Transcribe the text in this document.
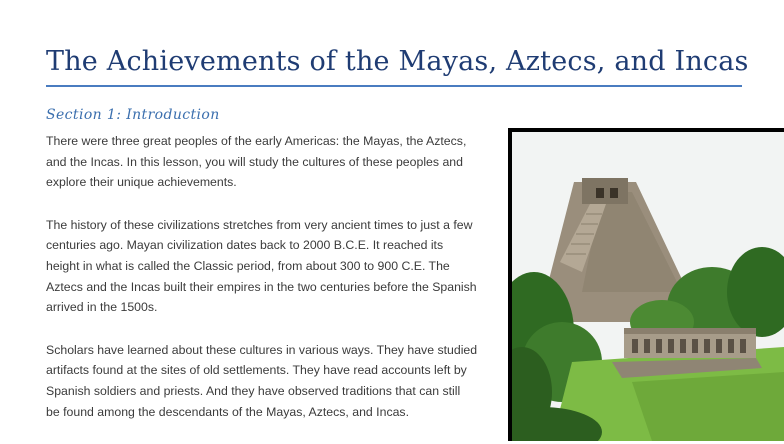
The Achievements of the Mayas, Aztecs, and Incas
Section 1: Introduction

There were three great peoples of the early Americas: the Mayas, the Aztecs,
and the Incas. In this lesson, you will study the cultures of these peoples and
explore their unique achievements.

The history of these civilizations stretches from very ancient times to just a few
centuries ago. Mayan civilization dates back to 2000 B.C.E. It reached its
height in what is called the Classic period, from about 300 to 900 C.E. The
Aztecs and the Incas built their empires in the two centuries before the Spanish
arrived in the 1500s.

Scholars have learned about these cultures in various ways. They have studied
artifacts found at the sites of old settlements. They have read accounts left by
Spanish soldiers and priests. And they have observed traditions that can still
be found among the descendants of the Mayas, Aztecs, and Incas.
